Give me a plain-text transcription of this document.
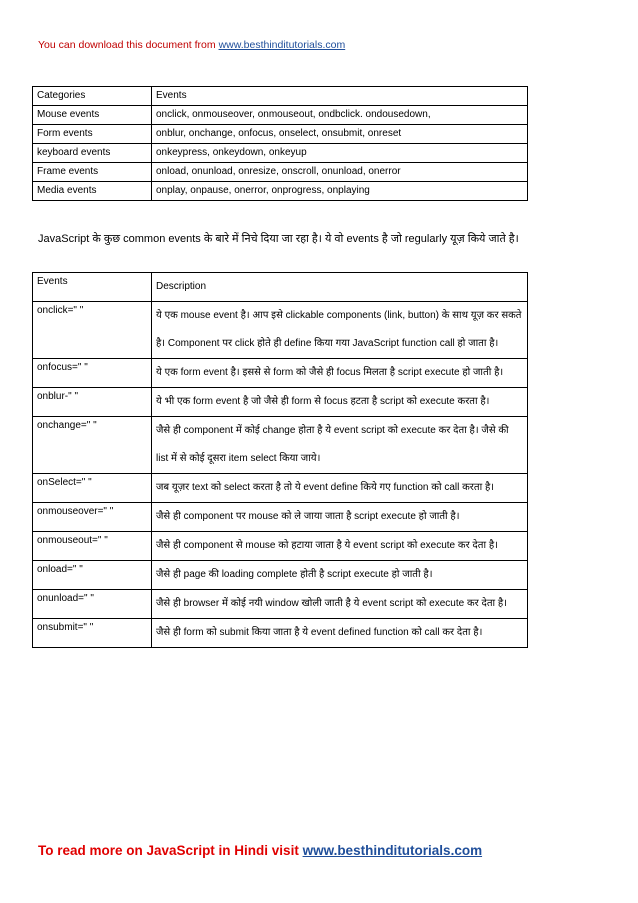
You can download this document from www.besthinditutorials.com
Categories	Events
Mouse events	onclick, onmouseover, onmouseout, ondbclick. ondousedown,
Form events	onblur, onchange, onfocus, onselect, onsubmit, onreset
keyboard events	onkeypress, onkeydown, onkeyup
Frame events	onload, onunload, onresize, onscroll, onunload, onerror
Media events	onplay, onpause, onerror, onprogress, onplaying
JavaScript के कुछ common events के बारे में निचे दिया जा रहा है। ये वो events है जो regularly यूज़ किये जाते है।
Events	Description
onclick=" "	ये एक mouse event है। आप इसे clickable components (link, button) के साथ यूज़ कर सकते है। Component पर click होते ही define किया गया JavaScript function call हो जाता है।
onfocus=" "	ये एक form event है। इससे से form को जैसे ही focus मिलता है script execute हो जाती है।
onblur-" "	ये भी एक form event है जो जैसे ही form से focus हटता है script को execute करता है।
onchange=" "	जैसे ही component में कोई change होता है ये event script को execute कर देता है। जैसे की list में से कोई दूसरा item select किया जाये।
onSelect=" "	जब यूज़र text को select करता है तो ये event define किये गए function को call करता है।
onmouseover=" "	जैसे ही component पर mouse को ले जाया जाता है script execute हो जाती है।
onmouseout=" "	जैसे ही component से mouse को हटाया जाता है ये event script को execute कर देता है।
onload=" "	जैसे ही page की loading complete होती है script execute हो जाती है।
onunload=" "	जैसे ही browser में कोई नयी window खोली जाती है ये event script को execute कर देता है।
onsubmit=" "	जैसे ही form को submit किया जाता है ये event defined function को call कर देता है।
To read more on JavaScript in Hindi visit www.besthinditutorials.com
